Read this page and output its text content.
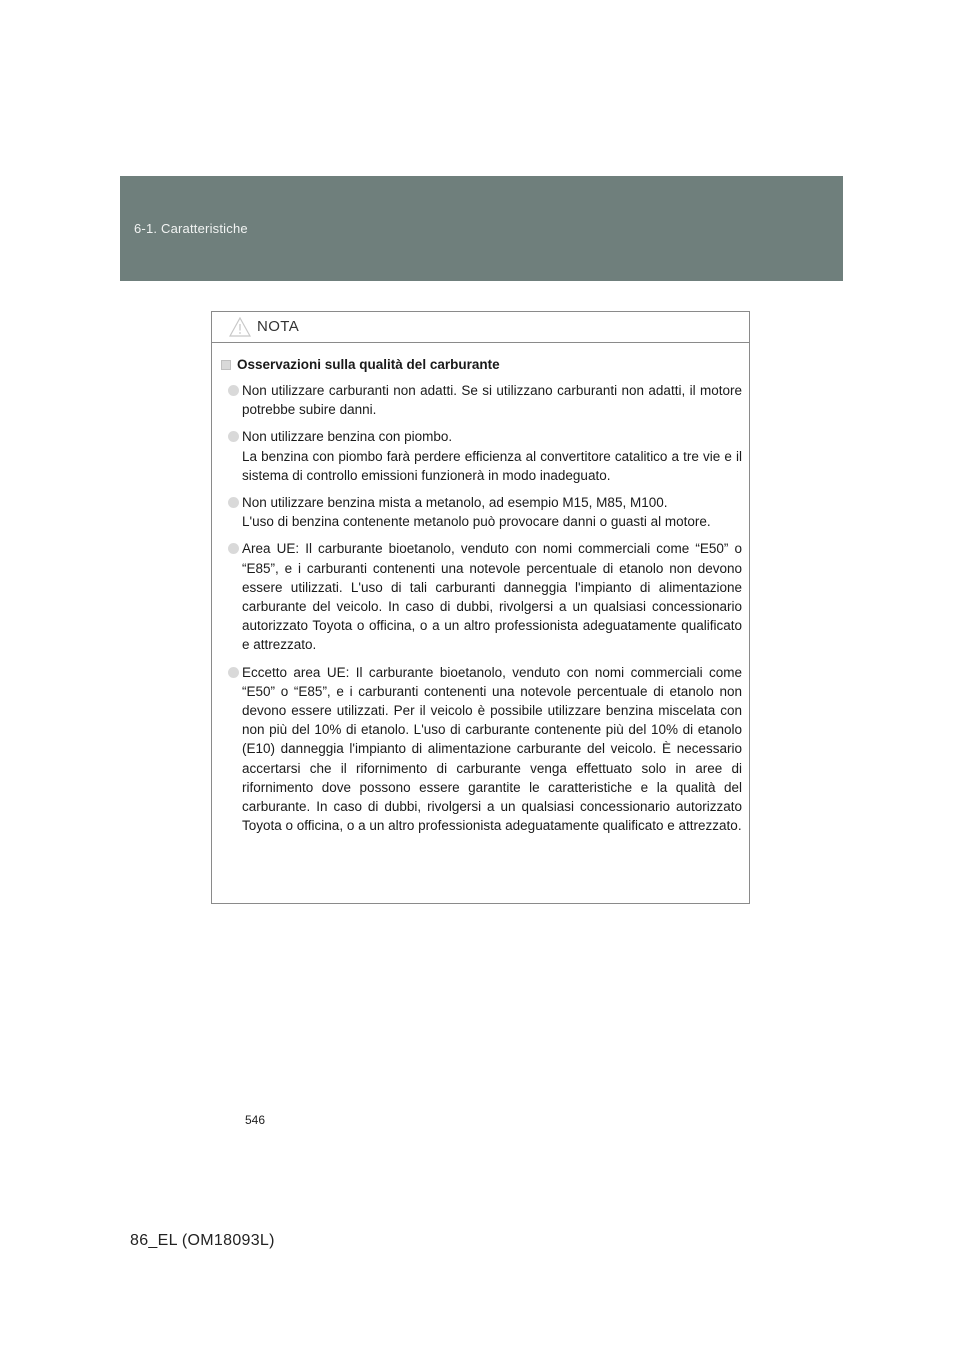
6-1. Caratteristiche
NOTA
Osservazioni sulla qualità del carburante

Non utilizzare carburanti non adatti. Se si utilizzano carburanti non adatti, il motore potrebbe subire danni.

Non utilizzare benzina con piombo.

La benzina con piombo farà perdere efficienza al convertitore catalitico a tre vie e il sistema di controllo emissioni funzionerà in modo inadeguato.

Non utilizzare benzina mista a metanolo, ad esempio M15, M85, M100.

L'uso di benzina contenente metanolo può provocare danni o guasti al motore.

Area UE: Il carburante bioetanolo, venduto con nomi commerciali come “E50” o “E85”, e i carburanti contenenti una notevole percentuale di etanolo non devono essere utilizzati. L'uso di tali carburanti danneggia l'impianto di alimentazione carburante del veicolo. In caso di dubbi, rivolgersi a un qualsiasi concessionario autorizzato Toyota o officina, o a un altro professionista adeguatamente qualificato e attrezzato.

Eccetto area UE: Il carburante bioetanolo, venduto con nomi commerciali come “E50” o “E85”, e i carburanti contenenti una notevole percentuale di etanolo non devono essere utilizzati. Per il veicolo è possibile utilizzare benzina miscelata con non più del 10% di etanolo. L'uso di carburante contenente più del 10% di etanolo (E10) danneggia l'impianto di alimentazione carburante del veicolo. È necessario accertarsi che il rifornimento di carburante venga effettuato solo in aree di rifornimento dove possono essere garantite le caratteristiche e la qualità del carburante. In caso di dubbi, rivolgersi a un qualsiasi concessionario autorizzato Toyota o officina, o a un altro professionista adeguatamente qualificato e attrezzato.

546
86_EL (OM18093L)
